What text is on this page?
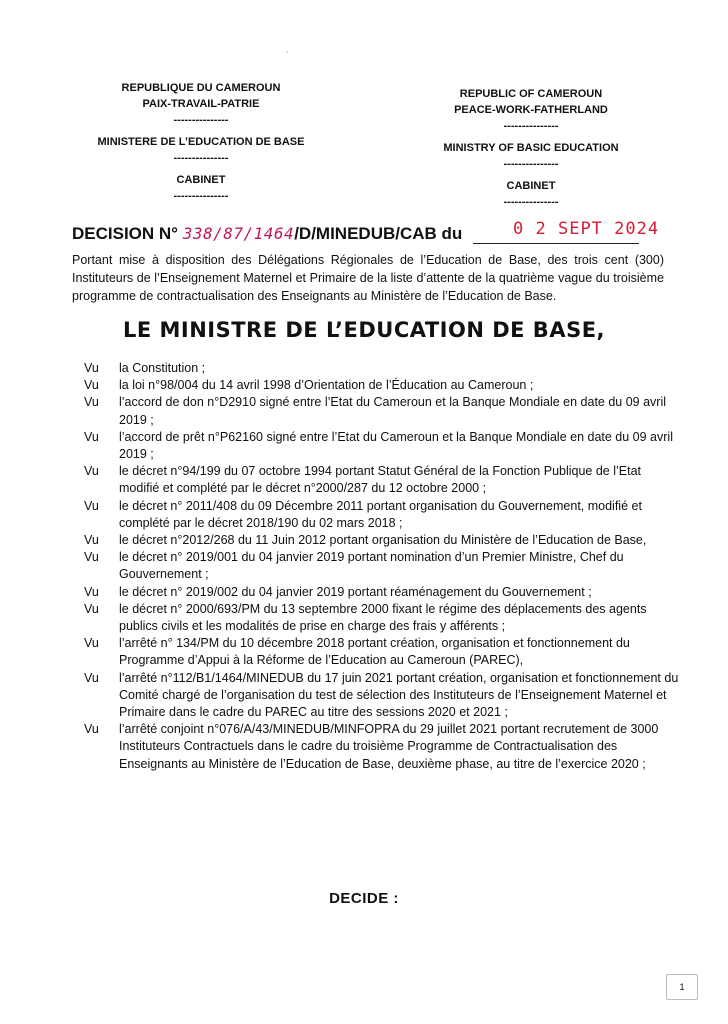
REPUBLIQUE DU CAMEROUN
PAIX-TRAVAIL-PATRIE
---------------
MINISTERE DE L’EDUCATION DE BASE
---------------
CABINET
---------------
REPUBLIC OF CAMEROUN
PEACE-WORK-FATHERLAND
---------------
MINISTRY OF BASIC EDUCATION
---------------
CABINET
---------------
DECISION N° 338/87/1464/D/MINEDUB/CAB du	0 2 SEPT 2024
Portant mise à disposition des Délégations Régionales de l’Education de Base, des trois cent (300) Instituteurs de l’Enseignement Maternel et Primaire de la liste d’attente de la quatrième vague du troisième programme de contractualisation des Enseignants au Ministère de l’Education de Base.
LE MINISTRE DE L’EDUCATION DE BASE,
Vu	la Constitution ;
Vu	la loi n°98/004 du 14 avril 1998 d’Orientation de l’Éducation au Cameroun ;
Vu	l’accord de don n°D2910 signé entre l’Etat du Cameroun et la Banque Mondiale en date du 09 avril 2019 ;
Vu	l’accord de prêt n°P62160 signé entre l’Etat du Cameroun et la Banque Mondiale en date du 09 avril 2019 ;
Vu	le décret n°94/199 du 07 octobre 1994 portant Statut Général de la Fonction Publique de l’Etat modifié et complété par le décret n°2000/287 du 12 octobre 2000 ;
Vu	le décret n° 2011/408 du 09 Décembre 2011 portant organisation du Gouvernement, modifié et complété par le décret 2018/190 du 02 mars 2018 ;
Vu	le décret n°2012/268 du 11 Juin 2012 portant organisation du Ministère de l’Education de Base,
Vu	le décret n° 2019/001 du 04 janvier 2019 portant nomination d’un Premier Ministre, Chef du Gouvernement ;
Vu	le décret n° 2019/002 du 04 janvier 2019 portant réaménagement du Gouvernement ;
Vu	le décret n° 2000/693/PM du 13 septembre 2000 fixant le régime des déplacements des agents publics civils et les modalités de prise en charge des frais y afférents ;
Vu	l’arrêté n° 134/PM du 10 décembre 2018 portant création, organisation et fonctionnement du Programme d’Appui à la Réforme de l’Education au Cameroun (PAREC),
Vu	l’arrêté n°112/B1/1464/MINEDUB du 17 juin 2021 portant création, organisation et fonctionnement du Comité chargé de l’organisation du test de sélection des Instituteurs de l’Enseignement Maternel et Primaire dans le cadre du PAREC au titre des sessions 2020 et 2021 ;
Vu	l’arrêté conjoint n°076/A/43/MINEDUB/MINFOPRA du 29 juillet 2021 portant recrutement de 3000 Instituteurs Contractuels dans le cadre du troisième Programme de Contractualisation des Enseignants au Ministère de l’Education de Base, deuxième phase, au titre de l’exercice 2020 ;
DECIDE :
1
‚
